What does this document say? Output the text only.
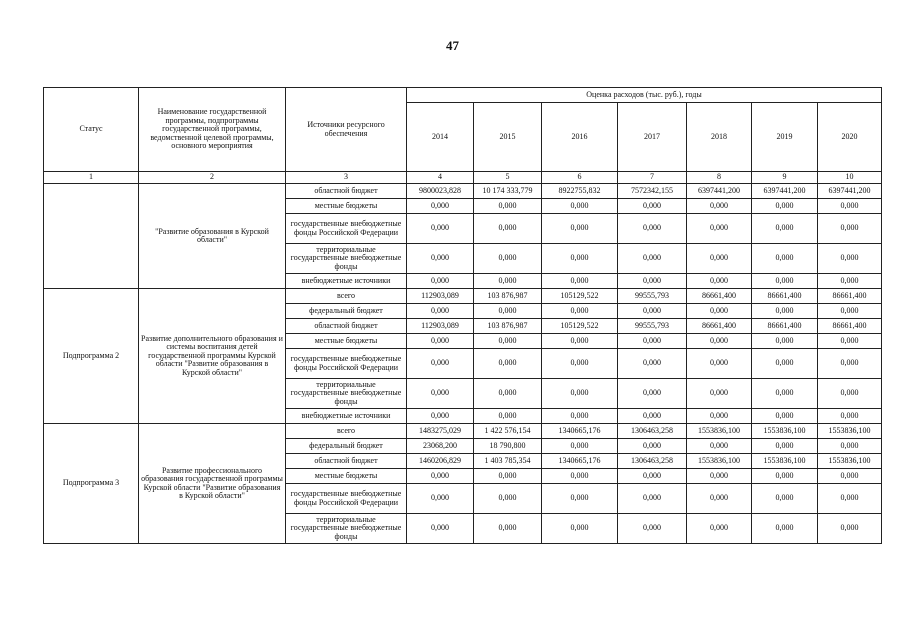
47
Статус	Наименование государственной программы, подпрограммы государственной программы, ведомственной целевой программы, основного мероприятия	Источники ресурсного обеспечения	Оценка расходов (тыс. руб.), годы						
			2014	2015	2016	2017	2018	2019	2020
1	2	3	4	5	6	7	8	9	10
	"Развитие образования в Курской области"	областной бюджет	9800023,828	10 174 333,779	8922755,832	7572342,155	6397441,200	6397441,200	6397441,200
		местные бюджеты	0,000	0,000	0,000	0,000	0,000	0,000	0,000
		государственные внебюджетные фонды Российской Федерации	0,000	0,000	0,000	0,000	0,000	0,000	0,000
		территориальные государственные внебюджетные фонды	0,000	0,000	0,000	0,000	0,000	0,000	0,000
		внебюджетные источники	0,000	0,000	0,000	0,000	0,000	0,000	0,000
Подпрограмма 2	Развитие дополнительного образования и системы воспитания детей государственной программы Курской области "Развитие образования в Курской области"	всего	112903,089	103 876,987	105129,522	99555,793	86661,400	86661,400	86661,400
		федеральный бюджет	0,000	0,000	0,000	0,000	0,000	0,000	0,000
		областной бюджет	112903,089	103 876,987	105129,522	99555,793	86661,400	86661,400	86661,400
		местные бюджеты	0,000	0,000	0,000	0,000	0,000	0,000	0,000
		государственные внебюджетные фонды Российской Федерации	0,000	0,000	0,000	0,000	0,000	0,000	0,000
		территориальные государственные внебюджетные фонды	0,000	0,000	0,000	0,000	0,000	0,000	0,000
		внебюджетные источники	0,000	0,000	0,000	0,000	0,000	0,000	0,000
Подпрограмма 3	Развитие профессионального образования государственной программы Курской области "Развитие образования в Курской области"	всего	1483275,029	1 422 576,154	1340665,176	1306463,258	1553836,100	1553836,100	1553836,100
		федеральный бюджет	23068,200	18 790,800	0,000	0,000	0,000	0,000	0,000
		областной бюджет	1460206,829	1 403 785,354	1340665,176	1306463,258	1553836,100	1553836,100	1553836,100
		местные бюджеты	0,000	0,000	0,000	0,000	0,000	0,000	0,000
		государственные внебюджетные фонды Российской Федерации	0,000	0,000	0,000	0,000	0,000	0,000	0,000
		территориальные государственные внебюджетные фонды	0,000	0,000	0,000	0,000	0,000	0,000	0,000
